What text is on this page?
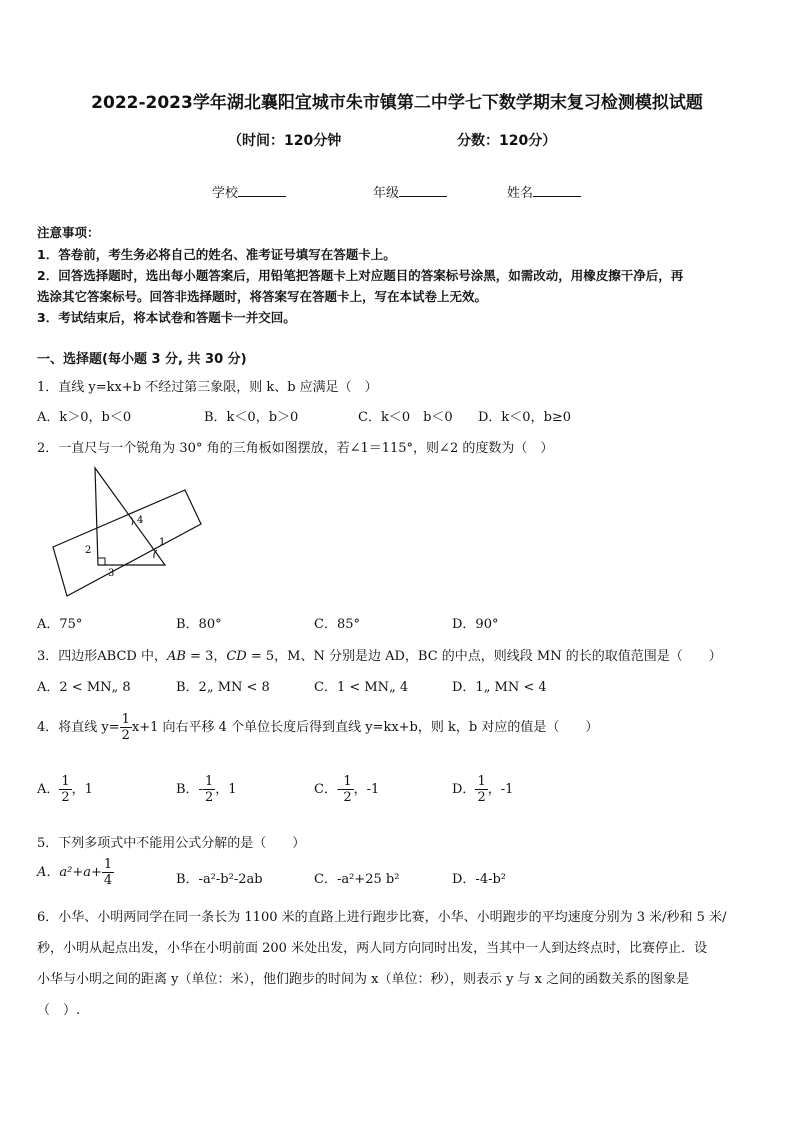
2022-2023学年湖北襄阳宜城市朱市镇第二中学七下数学期末复习检测模拟试题
（时间：120分钟	分数：120分）
学校	年级	姓名
注意事项：
1．答卷前，考生务必将自己的姓名、准考证号填写在答题卡上。
2．回答选择题时，选出每小题答案后，用铅笔把答题卡上对应题目的答案标号涂黑，如需改动，用橡皮擦干净后，再
选涂其它答案标号。回答非选择题时，将答案写在答题卡上，写在本试卷上无效。
3．考试结束后，将本试卷和答题卡一并交回。
一、选择题(每小题 3 分, 共 30 分)
1．直线 y=kx+b 不经过第三象限，则 k、b 应满足（　）
A．k＞0，b＜0	B．k＜0，b＞0	C．k＜0　b＜0 D．k＜0，b≥0
2．一直尺与一个锐角为 30° 角的三角板如图摆放，若∠1＝115°，则∠2 的度数为（　）
4
2
1
3
A．75°	B．80°	C．85°	D．90°
3．四边形ABCD 中，AB = 3，CD = 5，M、N 分别是边 AD，BC 的中点，则线段 MN 的长的取值范围是（　　）
A．2 < MN„ 8	B．2„ MN < 8	C．1 < MN„ 4	D．1„ MN < 4
4．将直线 $y= \frac{1}{2} x+1$ 向右平移 4 个单位长度后得到直线 y=kx+b，则 k，b 对应的值是（　　）
A． $\frac{1}{2}$ ，1	B．- $\frac{1}{2}$ ，1	C．- $\frac{1}{2}$ ，-1	D． $\frac{1}{2}$ ，-1
5．下列多项式中不能用公式分解的是（　　）
A．$a^2+a+ \frac{1}{4}$	B．-a²-b²-2ab	C．-a²+25 b²	D．-4-b²
6．小华、小明两同学在同一条长为 1100 米的直路上进行跑步比赛，小华、小明跑步的平均速度分别为 3 米/秒和 5 米/
秒，小明从起点出发，小华在小明前面 200 米处出发，两人同方向同时出发，当其中一人到达终点时，比赛停止．设
小华与小明之间的距离 y（单位：米），他们跑步的时间为 x（单位：秒），则表示 y 与 x 之间的函数关系的图象是
（　）.
